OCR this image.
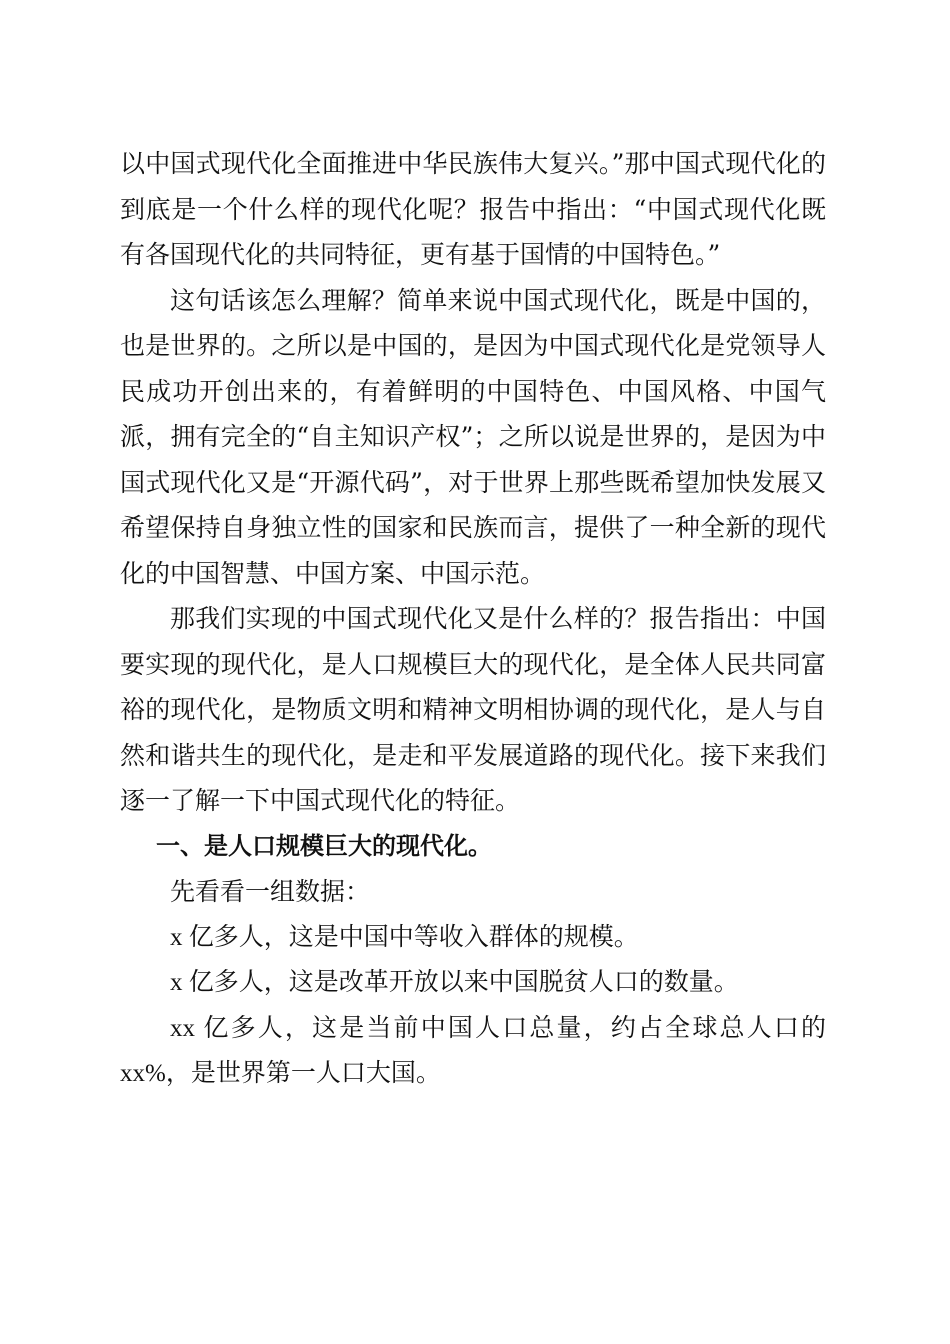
以中国式现代化全面推进中华民族伟大复兴。”那中国式现代化的到底是一个什么样的现代化呢？报告中指出：“中国式现代化既有各国现代化的共同特征，更有基于国情的中国特色。”

这句话该怎么理解？简单来说中国式现代化，既是中国的，也是世界的。之所以是中国的，是因为中国式现代化是党领导人民成功开创出来的，有着鲜明的中国特色、中国风格、中国气派，拥有完全的“自主知识产权”；之所以说是世界的，是因为中国式现代化又是“开源代码”，对于世界上那些既希望加快发展又希望保持自身独立性的国家和民族而言，提供了一种全新的现代化的中国智慧、中国方案、中国示范。

那我们实现的中国式现代化又是什么样的？报告指出：中国要实现的现代化，是人口规模巨大的现代化，是全体人民共同富裕的现代化，是物质文明和精神文明相协调的现代化，是人与自然和谐共生的现代化，是走和平发展道路的现代化。接下来我们逐一了解一下中国式现代化的特征。

一、是人口规模巨大的现代化。

先看看一组数据：

x 亿多人，这是中国中等收入群体的规模。

x 亿多人，这是改革开放以来中国脱贫人口的数量。

xx 亿多人，这是当前中国人口总量，约占全球总人口的 xx%，是世界第一人口大国。
